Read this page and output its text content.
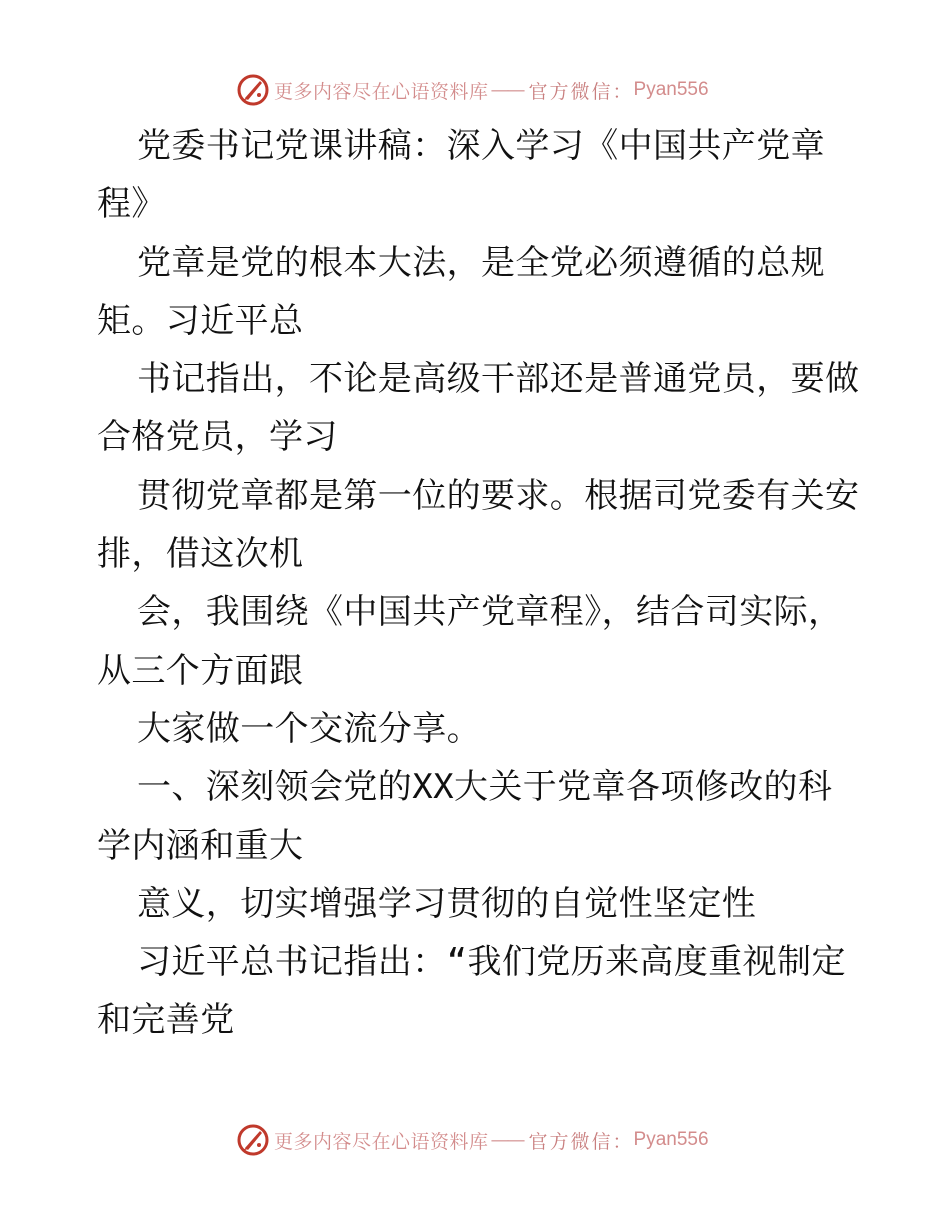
更多内容尽在心语资料库 —— 官方微信： Pyan556
党委书记党课讲稿：深入学习《中国共产党章
程》
党章是党的根本大法，是全党必须遵循的总规
矩。习近平总
书记指出，不论是高级干部还是普通党员，要做
合格党员，学习
贯彻党章都是第一位的要求。根据司党委有关安
排，借这次机
会，我围绕《中国共产党章程》，结合司实际，
从三个方面跟
大家做一个交流分享。
一、深刻领会党的XX大关于党章各项修改的科
学内涵和重大
意义，切实增强学习贯彻的自觉性坚定性
习近平总书记指出：“我们党历来高度重视制定
和完善党
更多内容尽在心语资料库 —— 官方微信： Pyan556
